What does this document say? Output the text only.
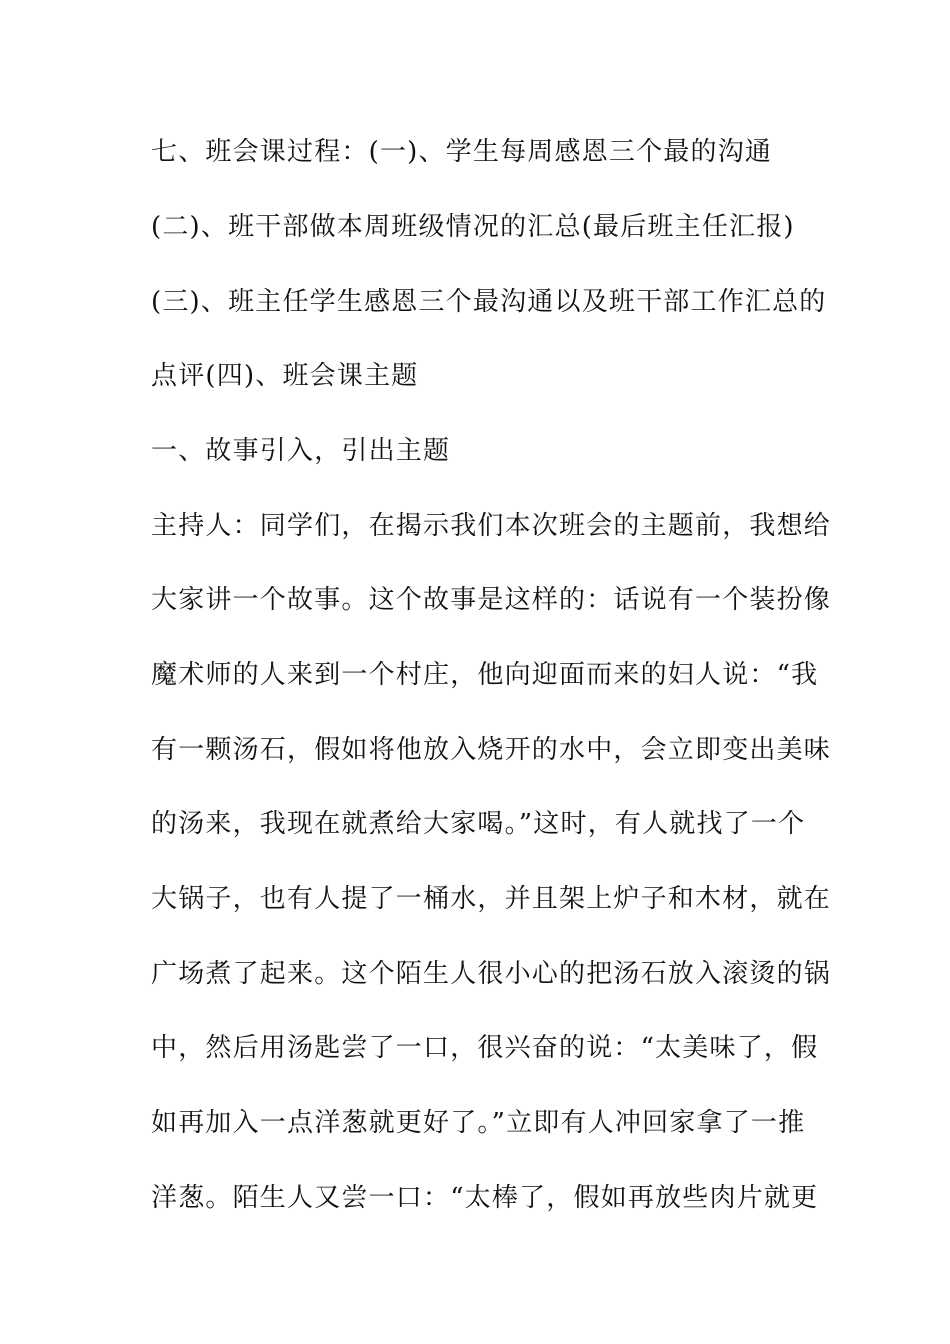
七、班会课过程：(一)、学生每周感恩三个最的沟通

(二)、班干部做本周班级情况的汇总(最后班主任汇报)

(三)、班主任学生感恩三个最沟通以及班干部工作汇总的

点评(四)、班会课主题

一、故事引入，引出主题

主持人：同学们，在揭示我们本次班会的主题前，我想给

大家讲一个故事。这个故事是这样的：话说有一个装扮像

魔术师的人来到一个村庄，他向迎面而来的妇人说：“我

有一颗汤石，假如将他放入烧开的水中，会立即变出美味

的汤来，我现在就煮给大家喝。”这时，有人就找了一个

大锅子，也有人提了一桶水，并且架上炉子和木材，就在

广场煮了起来。这个陌生人很小心的把汤石放入滚烫的锅

中，然后用汤匙尝了一口，很兴奋的说：“太美味了，假

如再加入一点洋葱就更好了。”立即有人冲回家拿了一推

洋葱。陌生人又尝一口：“太棒了，假如再放些肉片就更
